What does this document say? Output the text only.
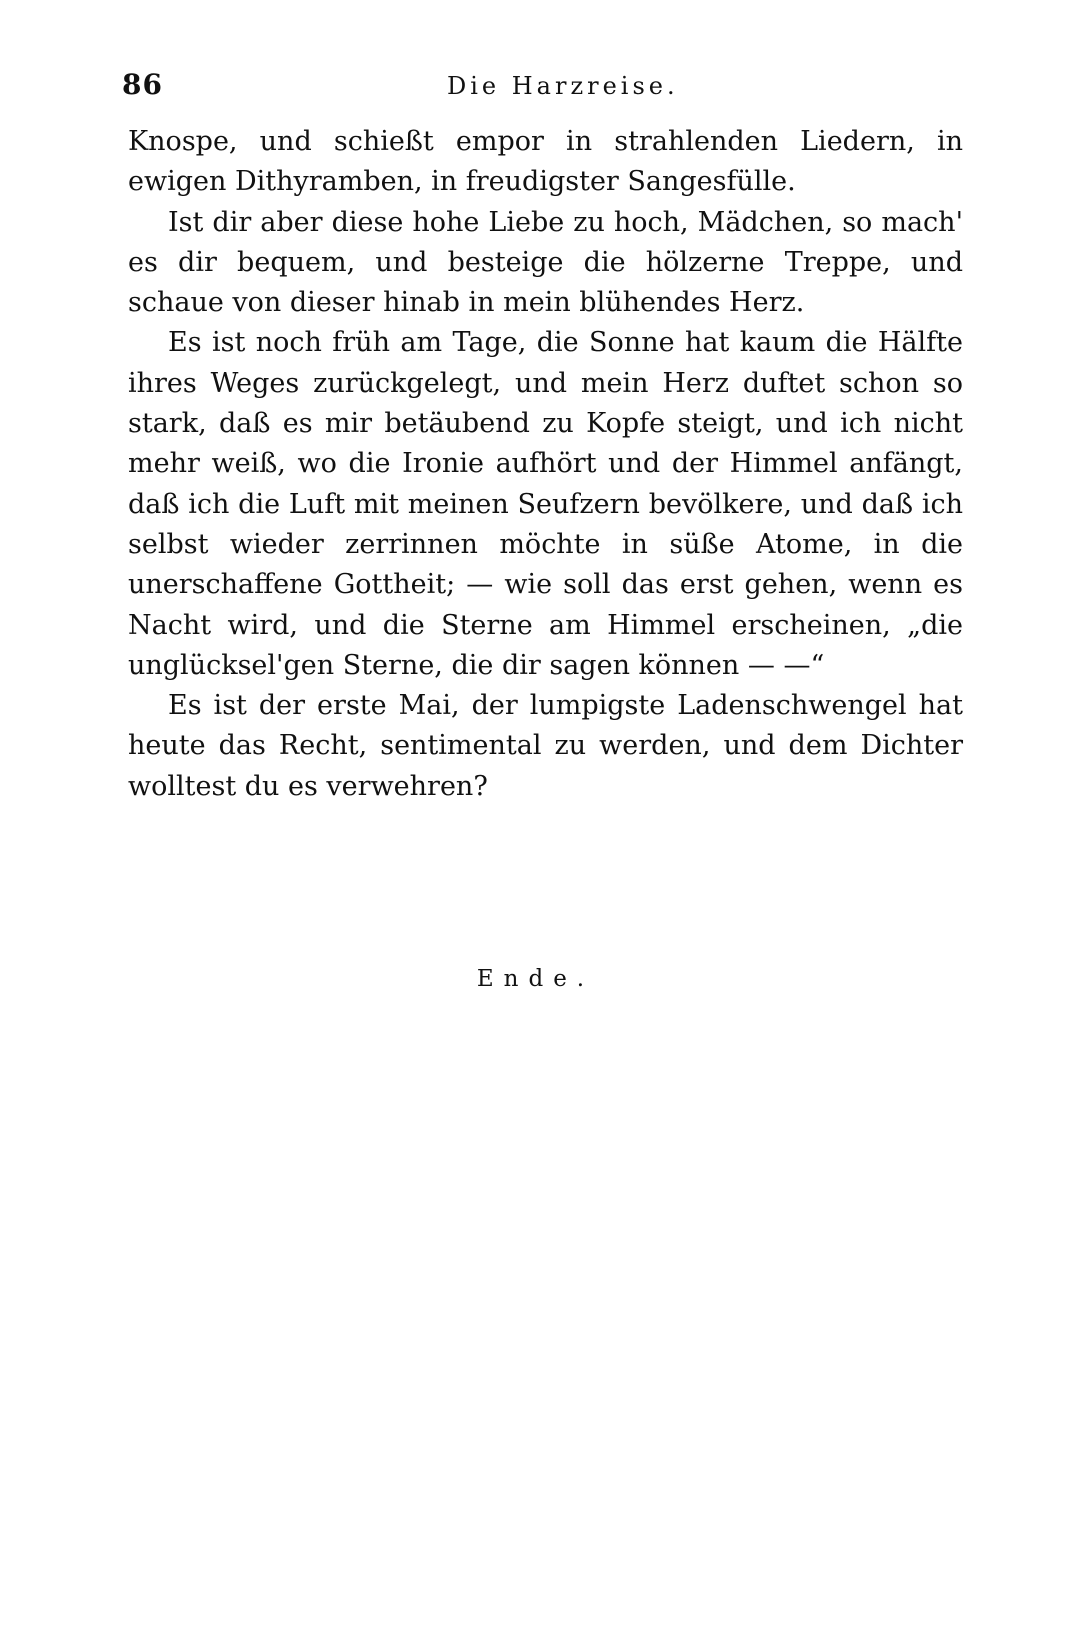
86	Die Harzreise.

Knospe, und schießt empor in strahlenden Liedern, in ewigen Dithyramben, in freudigster Sangesfülle.

Ist dir aber diese hohe Liebe zu hoch, Mädchen, so mach' es dir bequem, und besteige die hölzerne Treppe, und schaue von dieser hinab in mein blühendes Herz.

Es ist noch früh am Tage, die Sonne hat kaum die Hälfte ihres Weges zurückgelegt, und mein Herz duftet schon so stark, daß es mir betäubend zu Kopfe steigt, und ich nicht mehr weiß, wo die Ironie aufhört und der Himmel anfängt, daß ich die Luft mit meinen Seufzern bevölkere, und daß ich selbst wieder zerrinnen möchte in süße Atome, in die unerschaffene Gottheit; — wie soll das erst gehen, wenn es Nacht wird, und die Sterne am Himmel erscheinen, „die unglücksel'gen Sterne, die dir sagen können — —“

Es ist der erste Mai, der lumpigste Ladenschwengel hat heute das Recht, sentimental zu werden, und dem Dichter wolltest du es verwehren?

Ende.
